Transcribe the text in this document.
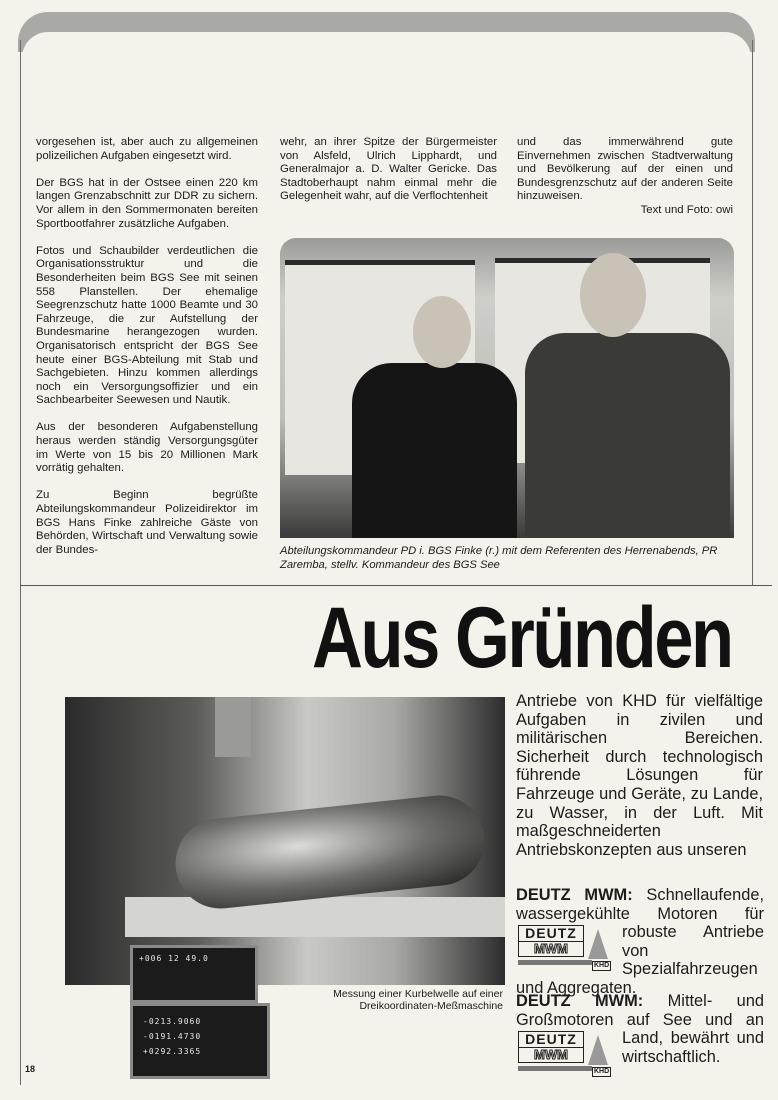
vorgesehen ist, aber auch zu allgemeinen polizeilichen Aufgaben eingesetzt wird.

Der BGS hat in der Ostsee einen 220 km langen Grenzabschnitt zur DDR zu sichern. Vor allem in den Sommermonaten bereiten Sportbootfahrer zusätzliche Aufgaben.

Fotos und Schaubilder verdeutlichen die Organisationsstruktur und die Besonderheiten beim BGS See mit seinen 558 Planstellen. Der ehemalige Seegrenzschutz hatte 1000 Beamte und 30 Fahrzeuge, die zur Aufstellung der Bundesmarine herangezogen wurden. Organisatorisch entspricht der BGS See heute einer BGS-Abteilung mit Stab und Sachgebieten. Hinzu kommen allerdings noch ein Versorgungsoffizier und ein Sachbearbeiter Seewesen und Nautik.

Aus der besonderen Aufgabenstellung heraus werden ständig Versorgungsgüter im Werte von 15 bis 20 Millionen Mark vorrätig gehalten.

Zu Beginn begrüßte Abteilungskommandeur Polizeidirektor im BGS Hans Finke zahlreiche Gäste von Behörden, Wirtschaft und Verwaltung sowie der Bundes-

wehr, an ihrer Spitze der Bürgermeister von Alsfeld, Ulrich Lipphardt, und Generalmajor a. D. Walter Gericke. Das Stadtoberhaupt nahm einmal mehr die Gelegenheit wahr, auf die Verflochtenheit

und das immerwährend gute Einvernehmen zwischen Stadtverwaltung und Bevölkerung auf der einen und Bundesgrenzschutz auf der anderen Seite hinzuweisen.

Text und Foto: owi
Abteilungskommandeur PD i. BGS Finke (r.) mit dem Referenten des Herrenabends, PR Zaremba, stellv. Kommandeur des BGS See
Aus Gründen
+006 12 49.0
-0213.9060
-0191.4730
+0292.3365
Messung einer Kurbelwelle auf einer Dreikoordinaten-Meßmaschine
Antriebe von KHD für vielfältige Aufgaben in zivilen und militärischen Bereichen. Sicherheit durch technologisch führende Lösungen für Fahrzeuge und Geräte, zu Lande, zu Wasser, in der Luft. Mit maßgeschneiderten Antriebskonzepten aus unseren
DEUTZ MWM: Schnellaufende, wassergekühlte Motoren für robuste
DEUTZ
MWM
KHD
Antriebe von Spezialfahrzeugen und Aggregaten.
DEUTZ MWM: Mittel- und Großmotoren auf See und an Land,
DEUTZ
MWM
KHD
bewährt und wirtschaftlich.
18
